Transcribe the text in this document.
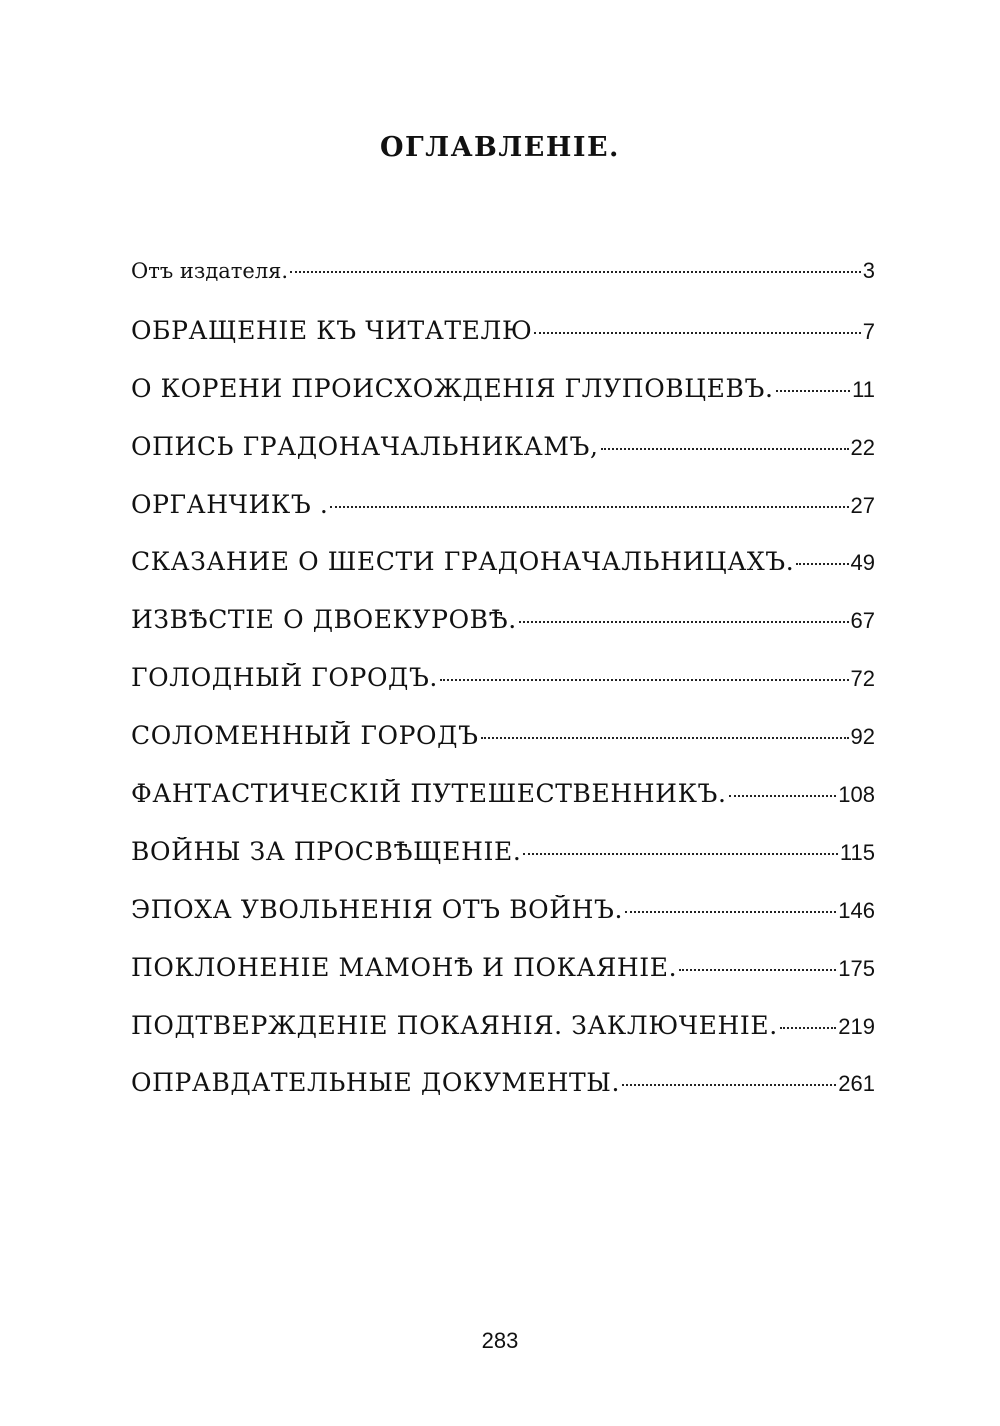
ОГЛАВЛЕНІЕ.
Отъ издателя.	3
ОБРАЩЕНІЕ КЪ ЧИТАТЕЛЮ	7
О КОРЕНИ ПРОИСХОЖДЕНІЯ ГЛУПОВЦЕВЪ.	11
ОПИСЬ ГРАДОНАЧАЛЬНИКАМЪ,	22
ОРГАНЧИКЪ .	27
СКАЗАНИЕ О ШЕСТИ ГРАДОНАЧАЛЬНИЦАХЪ.	49
ИЗВѢСТІЕ О ДВОЕКУРОВѢ.	67
ГОЛОДНЫЙ ГОРОДЪ.	72
СОЛОМЕННЫЙ ГОРОДЪ	92
ФАНТАСТИЧЕСКІЙ ПУТЕШЕСТВЕННИКЪ.	108
ВОЙНЫ ЗА ПРОСВѢЩЕНІЕ.	115
ЭПОХА УВОЛЬНЕНІЯ ОТЪ ВОЙНЪ.	146
ПОКЛОНЕНІЕ МАМОНѢ И ПОКАЯНІЕ.	175
ПОДТВЕРЖДЕНІЕ ПОКАЯНІЯ. ЗАКЛЮЧЕНІЕ.	219
ОПРАВДАТЕЛЬНЫЕ ДОКУМЕНТЫ.	261
283
